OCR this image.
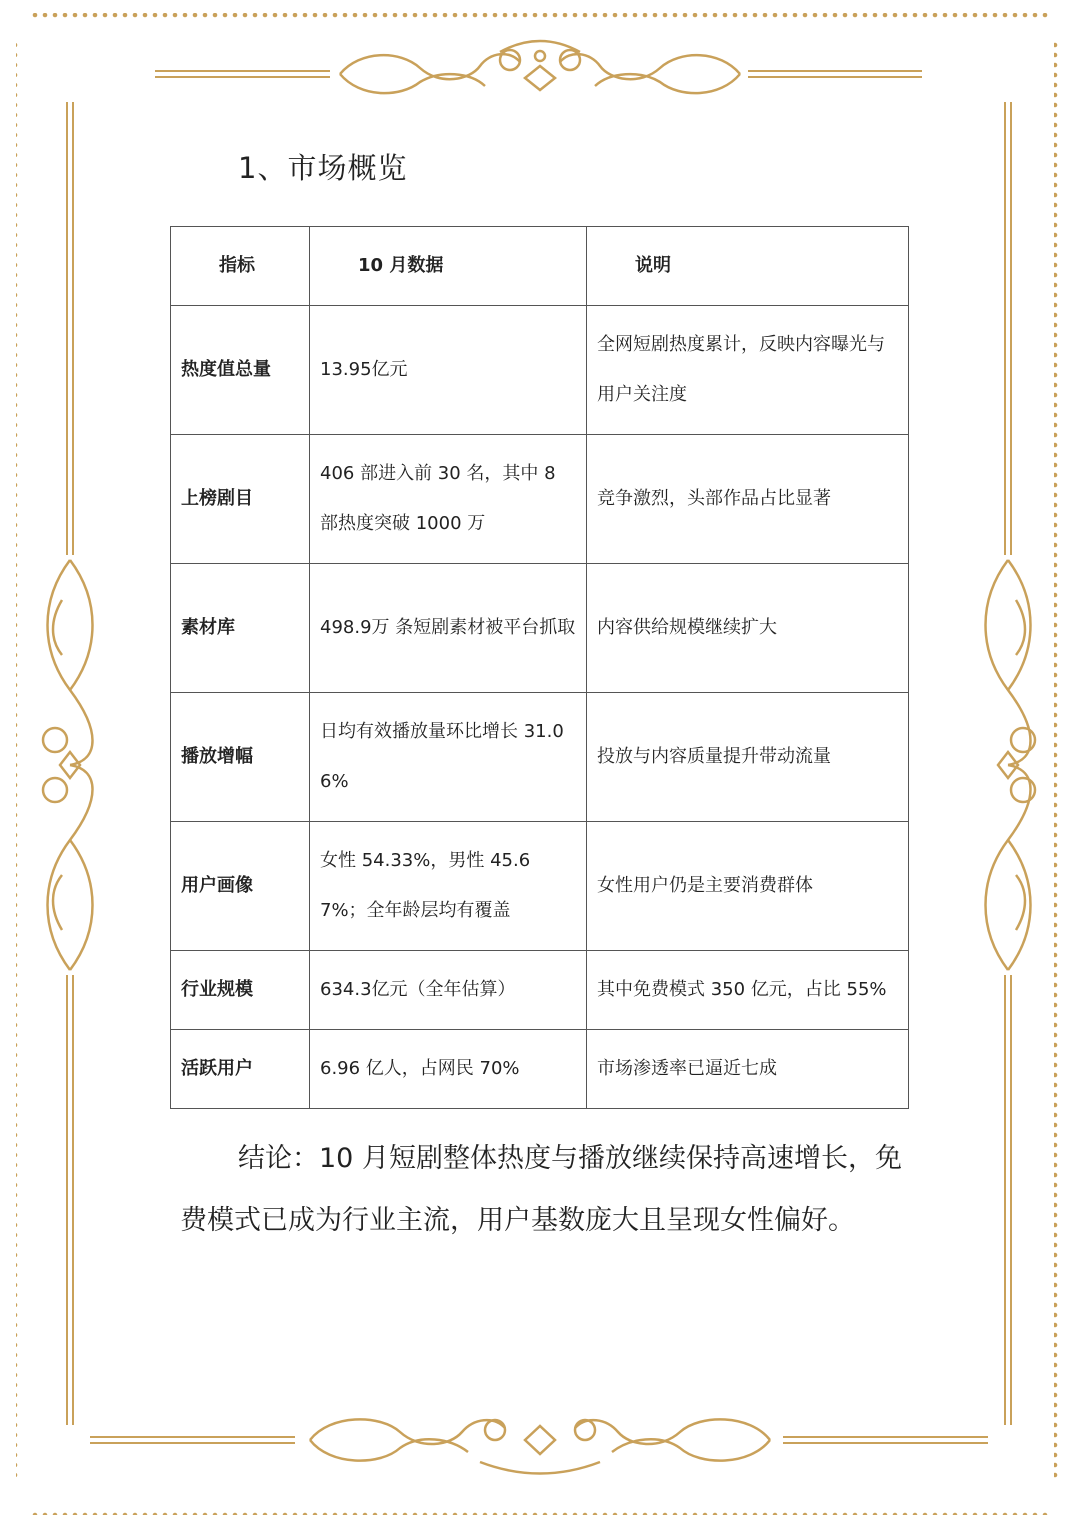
1、市场概览
指标	10 月数据	说明
热度值总量	13.95亿元	全网短剧热度累计，反映内容曝光与用户关注度
上榜剧目	406 部进入前 30 名，其中 8 部热度突破 1000 万	竞争激烈，头部作品占比显著
素材库	498.9万 条短剧素材被平台抓取	内容供给规模继续扩大
播放增幅	日均有效播放量环比增长 31.06%	投放与内容质量提升带动流量
用户画像	女性 54.33%，男性 45.67%；全年龄层均有覆盖	女性用户仍是主要消费群体
行业规模	634.3亿元（全年估算）	其中免费模式 350 亿元，占比 55%
活跃用户	6.96 亿人，占网民 70%	市场渗透率已逼近七成
结论：10 月短剧整体热度与播放继续保持高速增长，免费模式已成为行业主流，用户基数庞大且呈现女性偏好。
